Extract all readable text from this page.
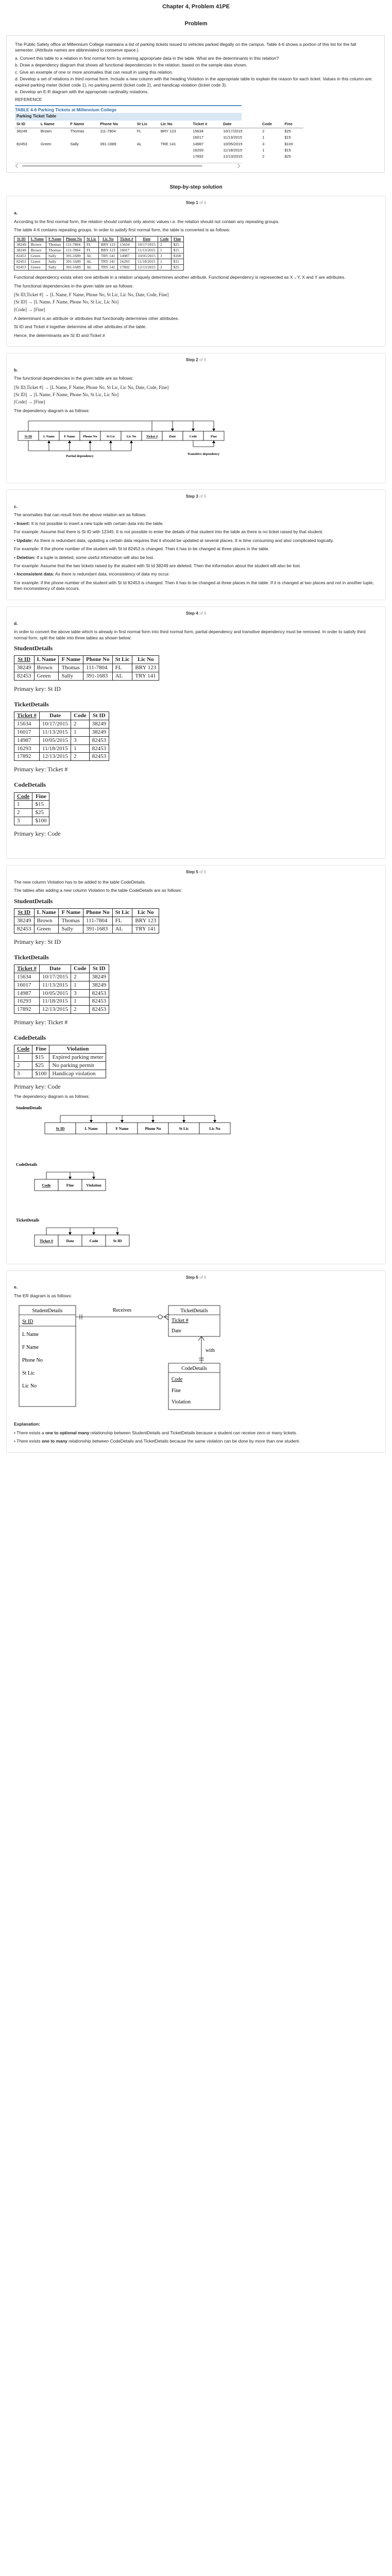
Chapter 4, Problem 41PE
Problem

The Public Safety office at Millennium College maintains a list of parking tickets issued to vehicles parked illegally on the campus. Table 4-6 shows a portion of this list for the fall semester. (Attribute names are abbreviated to conserve space.)

a. Convert this table to a relation in first normal form by entering appropriate data in the table. What are the determinants in this relation?

b. Draw a dependency diagram that shows all functional dependencies in the relation, based on the sample data shown.

c. Give an example of one or more anomalies that can result in using this relation.

d. Develop a set of relations in third normal form. Include a new column with the heading Violation in the appropriate table to explain the reason for each ticket. Values in this column are: expired parking meter (ticket code 1), no parking permit (ticket code 2), and handicap violation (ticket code 3).

e. Develop an E-R diagram with the appropriate cardinality notations.

REFERENCE
TABLE 4-6 Parking Tickets at Millennium College
Parking Ticket Table
St ID	L Name	F Name	Phone No	St Lic	Lic No	Ticket #	Date	Code	Fine
38249	Brown	Thomas	111-7804	FL	BRY 123	15634	10/17/2015	2	$25
						16017	11/13/2015	1	$15
82453	Green	Sally	391-1689	AL	TRE 141	14987	10/05/2015	3	$100
						16293	11/18/2015	1	$15
						17892	12/13/2015	2	$25
Step-by-step solution
Step 1 of 6
a.

According to the first normal form, the relation should contain only atomic values i.e. the relation should not contain any repeating groups.

The table 4-6 contains repeating groups. In order to satisfy first normal form, the table is converted is as follows:

St ID	L Name	F Name	Phone No	St Lic	Lic No	Ticket #	Date	Code	Fine
38249	Brown	Thomas	111-7804	FL	BRY 123	15634	10/17/2015	2	$25
38249	Brown	Thomas	111-7804	FL	BRY 123	16017	11/13/2015	1	$15
82453	Green	Sally	391-1689	AL	TRY 141	14987	10/05/2015	3	$100
82453	Green	Sally	391-1689	AL	TRY 141	16293	11/18/2015	1	$15
82453	Green	Sally	391-1689	AL	TRY 141	17892	12/13/2015	2	$25

Functional dependency exists when one attribute in a relation uniquely determines another attribute. Functional dependency is represented as X→Y, X and Y are attributes.

The functional dependencies in the given table are as follows:

[St ID,Ticket #] → [L Name, F Name, Phone No, St Lic, Lic No, Date, Code, Fine]
[St ID] → [L Name, F Name, Phone No, St Lic, Lic No]
[Code] → [Fine]

A determinant is an attribute or attributes that functionally determines other attributes.

St ID and Ticket # together determine all other attributes of the table.

Hence, the determinants are St ID and Ticket #

Step 2 of 6
b.

The functional dependencies in the given table are as follows:

[St ID,Ticket #] → [L Name, F Name, Phone No, St Lic, Lic No, Date, Code, Fine]
[St ID] → [L Name, F Name, Phone No, St Lic, Lic No]
[Code] → [Fine]

The dependency diagram is as follows:

St ID	L Name	F Name Phone No	St Lic	Lic No	Ticket #	Date	Code	Fine
Partial dependency
Transitive dependency
Step 3 of 6
c.

The anomalies that can result from the above relation are as follows:

• Insert: It is not possible to insert a new tuple with certain data into the table.

For example: Assume that there is St ID with 12345. It is not possible to enter the details of that student into the table as there is no ticket raised by that student.

• Update: As there is redundant data, updating a certain data requires that it should be updated at several places. It is time consuming and also complicated logically.

For example: If the phone number of the student with St Id 82453 is changed. Then it has to be changed at three places in the table.

• Deletion: If a tuple is deleted, some useful information will also be lost.

For example: Assume that the two tickets raised by the student with St Id 38249 are deleted. Then the information about the student will also be lost.

• Inconsistent data: As there is redundant data, inconsistency of data my occur.

For example: if the phone number of the student with St Id 82453 is changed. Then it has to be changed at three places in the table. If it is changed at two places and not in another tuple, then inconsistency of data occurs.

Step 4 of 6
d.

In order to convert the above table which is already in first normal form into third normal form, partial dependency and transitive dependency must be removed. In order to satisfy third normal form, split the table into three tables as shown below:

StudentDetails
St ID	L Name	F Name	Phone No	St Lic	Lic No
38249	Brown	Thomas	111-7804	FL	BRY 123
82453	Green	Sally	391-1683	AL	TRY 141
Primary key: St ID
TicketDetails
Ticket #	Date	Code	St ID
15634	10/17/2015	2	38249
16017	11/13/2015	1	38249
14987	10/05/2015	3	82453
16293	11/18/2015	1	82453
17892	12/13/2015	2	82453
Primary key: Ticket #
CodeDetails
Code	Fine
1	$15
2	$25
3	$100
Primary key: Code
Step 5 of 6

The new column Violation has to be added to the table CodeDetails.

The tables after adding a new column Violation to the table CodeDetails are as follows:

StudentDetails
St ID	L Name	F Name	Phone No	St Lic	Lic No
38249	Brown	Thomas	111-7804	FL	BRY 123
82453	Green	Sally	391-1683	AL	TRY 141
Primary key: St ID
TicketDetails
Ticket #	Date	Code	St ID
15634	10/17/2015	2	38249
16017	11/13/2015	1	38249
14987	10/05/2015	3	82453
16293	11/18/2015	1	82453
17892	12/13/2015	2	82453
Primary key: Ticket #
CodeDetails
Code	Fine	Violation
1	$15	Expired parking meter
2	$25	No parking permit
3	$100	Handicap violation
Primary key: Code

The dependency diagram is as follows:

StudentDetails
St ID	L Name	F Name	Phone No	St Lic	Lic No
CodeDetails
Code	Fine	Violation
TicketDetails
Ticket #	Date	Code	St ID
Step 6 of 6
e.

The ER diagram is as follows:

StudentDetails
St ID
L Name
F Name
Phone No
St Lic
Lic No
TicketDetails
Ticket #
Date
CodeDetails
Code
Fine
Violation
Receives
with

Explanation:

• There exists a one to optional many relationship between StudentDetails and TicketDetails because a student can receive zero or many tickets.

• There exists one to many relationship between CodeDetails and TicketDetails because the same violation can be done by more than one student.
